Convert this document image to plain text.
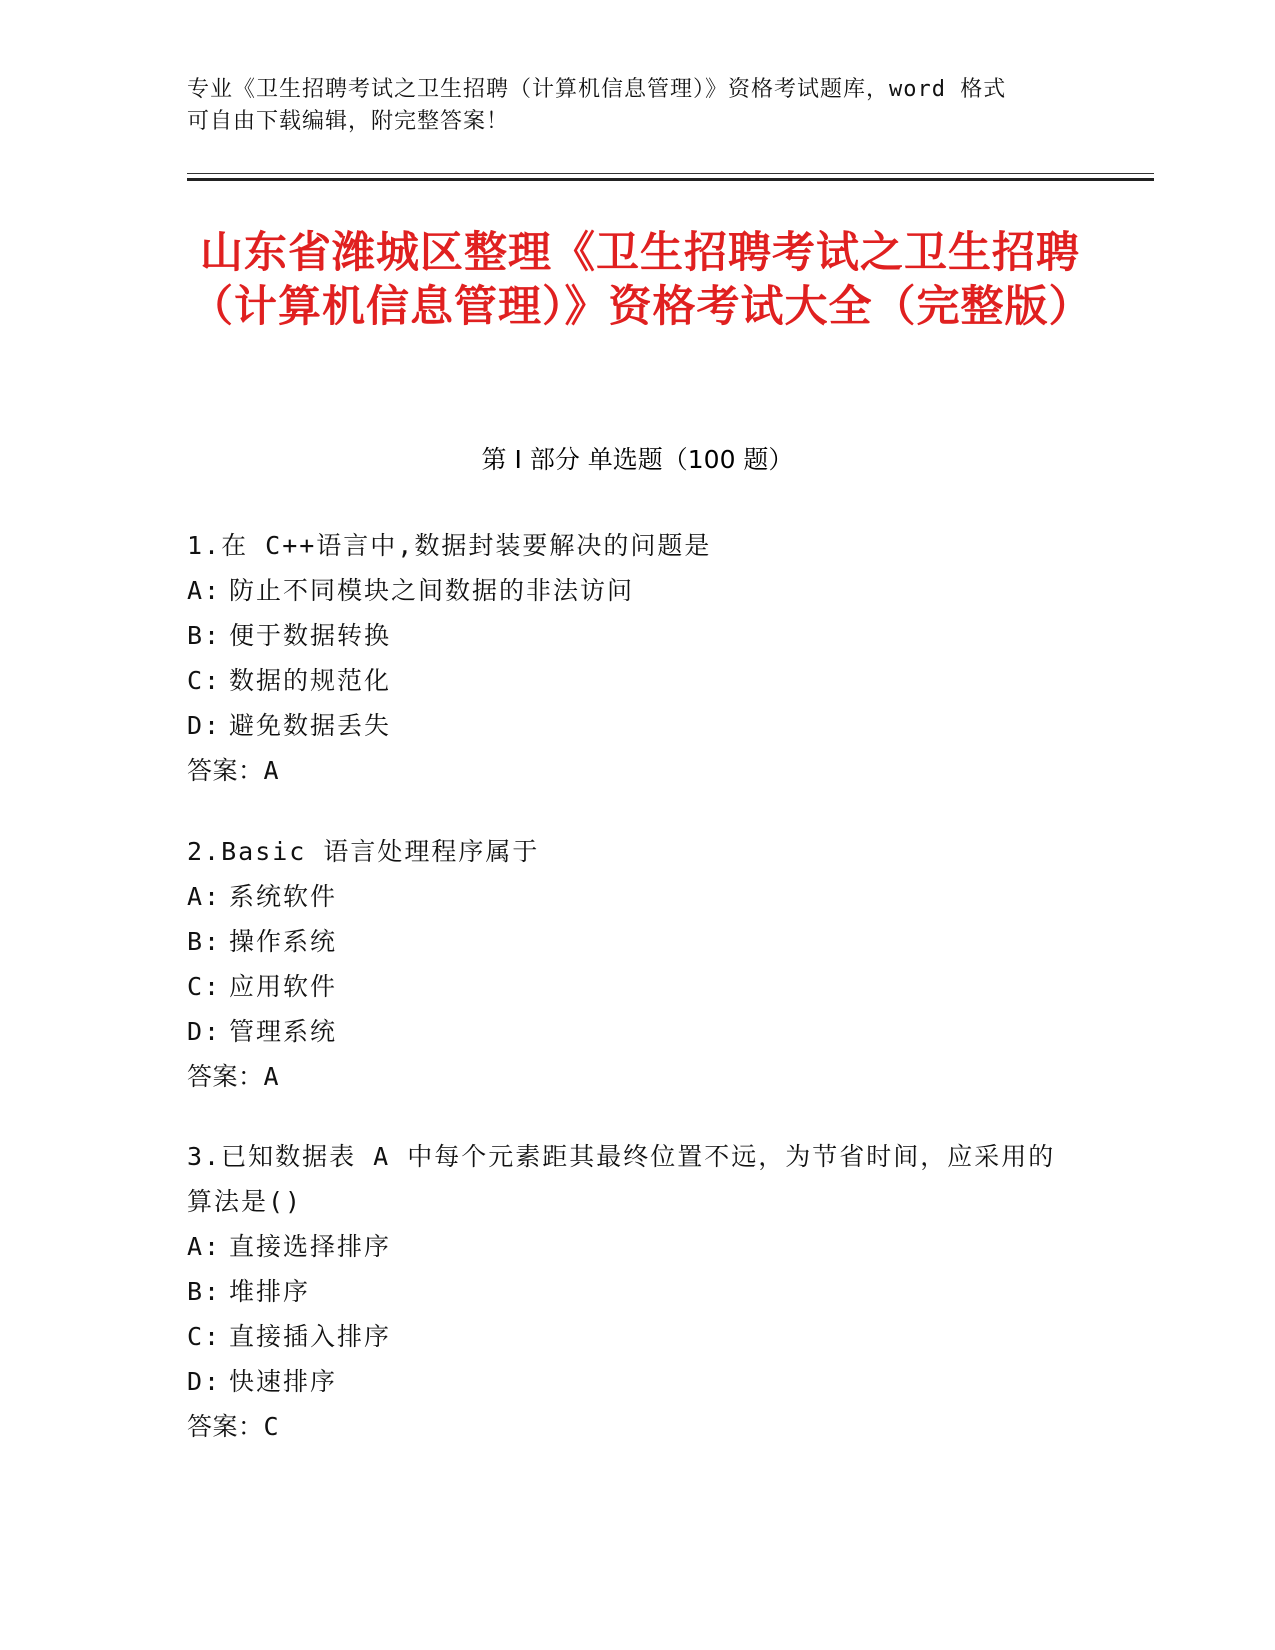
专业《卫生招聘考试之卫生招聘（计算机信息管理）》资格考试题库，word 格式
可自由下载编辑，附完整答案！
山东省潍城区整理《卫生招聘考试之卫生招聘（计算机信息管理）》资格考试大全（完整版）
第 I 部分 单选题（100 题）
1.在 C++语言中,数据封装要解决的问题是
A: 防止不同模块之间数据的非法访问
B: 便于数据转换
C: 数据的规范化
D: 避免数据丢失
答案：A
2.Basic 语言处理程序属于
A: 系统软件
B: 操作系统
C: 应用软件
D: 管理系统
答案：A
3.已知数据表 A 中每个元素距其最终位置不远，为节省时间，应采用的算法是()
A: 直接选择排序
B: 堆排序
C: 直接插入排序
D: 快速排序
答案：C
